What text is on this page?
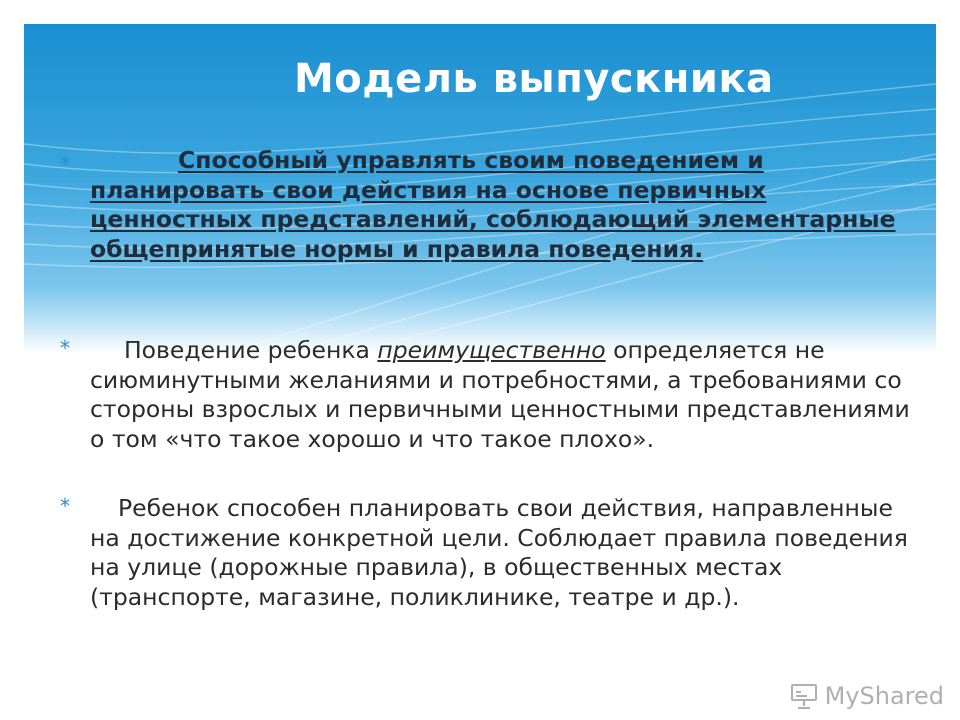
Модель выпускника
*	Способный управлять своим поведением и планировать свои действия на основе первичных ценностных представлений, соблюдающий элементарные общепринятые нормы и правила поведения.
*	Поведение ребенка преимущественно определяется не сиюминутными желаниями и потребностями, а требованиями со стороны взрослых и первичными ценностными представлениями о том «что такое хорошо и что такое плохо».
*	Ребенок способен планировать свои действия, направленные на достижение конкретной цели. Соблюдает правила поведения на улице (дорожные правила), в общественных местах (транспорте, магазине, поликлинике, театре и др.).
MyShared
